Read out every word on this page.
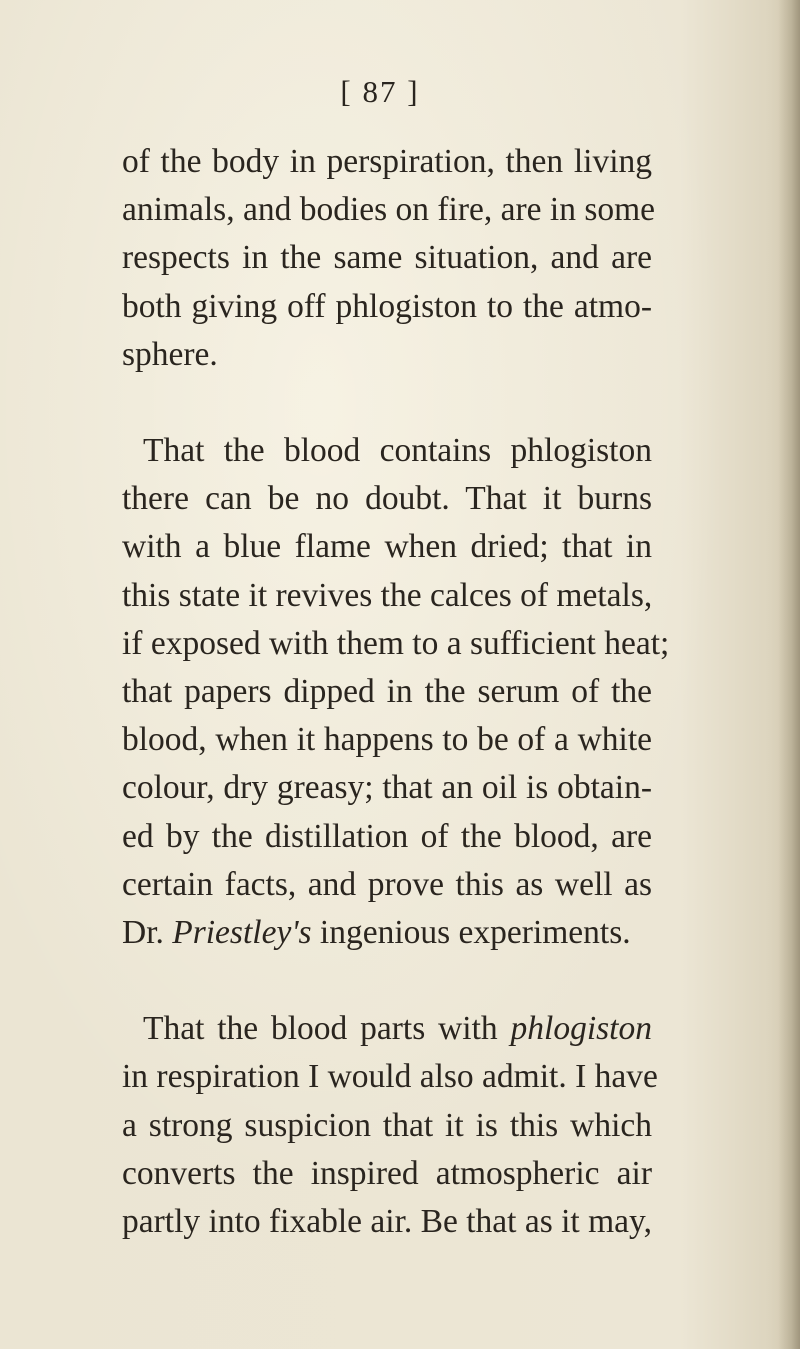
[ 87 ]
of the body in perspiration, then living
animals, and bodies on fire, are in some
respects in the same situation, and are
both giving off phlogiston to the atmo-
sphere.
That the blood contains phlogiston
there can be no doubt. That it burns
with a blue flame when dried; that in
this state it revives the calces of metals,
if exposed with them to a sufficient heat;
that papers dipped in the serum of the
blood, when it happens to be of a white
colour, dry greasy; that an oil is obtain-
ed by the distillation of the blood, are
certain facts, and prove this as well as
Dr. Priestley's ingenious experiments.
That the blood parts with phlogiston
in respiration I would also admit. I have
a strong suspicion that it is this which
converts the inspired atmospheric air
partly into fixable air. Be that as it may,
